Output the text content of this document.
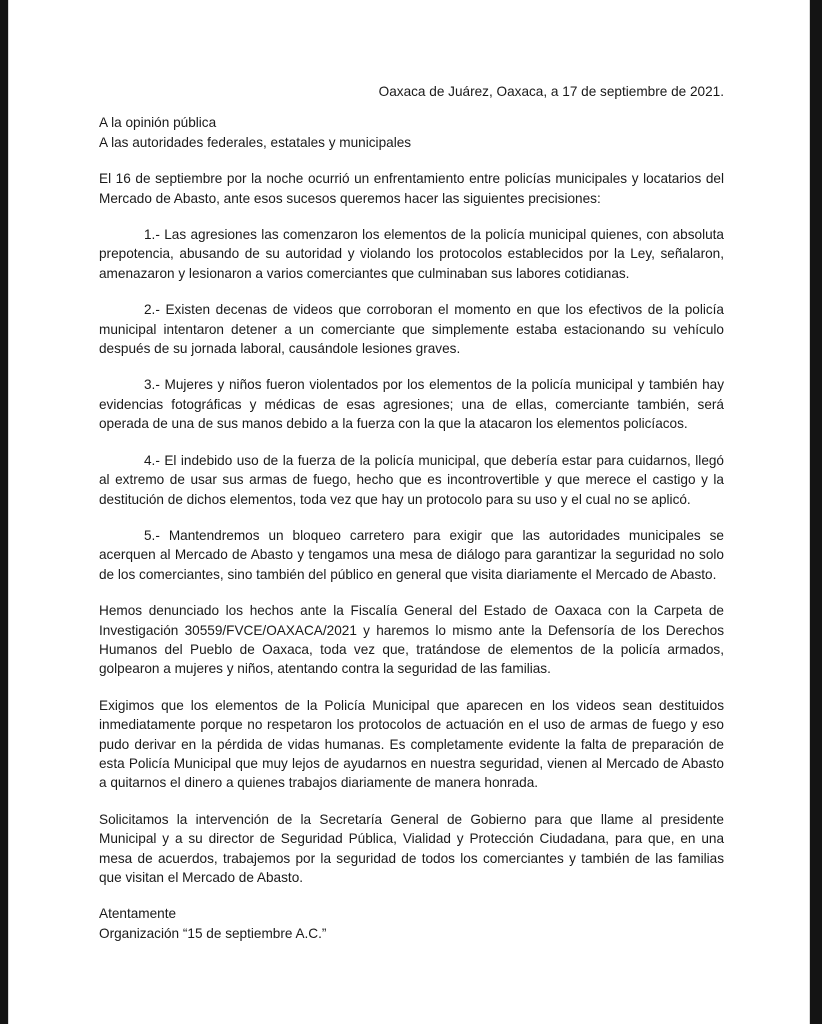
Oaxaca de Juárez, Oaxaca, a 17 de septiembre de 2021.

A la opinión pública

A las autoridades federales, estatales y municipales

El 16 de septiembre por la noche ocurrió un enfrentamiento entre policías municipales y locatarios del Mercado de Abasto, ante esos sucesos queremos hacer las siguientes precisiones:

1.- Las agresiones las comenzaron los elementos de la policía municipal quienes, con absoluta prepotencia, abusando de su autoridad y violando los protocolos establecidos por la Ley, señalaron, amenazaron y lesionaron a varios comerciantes que culminaban sus labores cotidianas.

2.- Existen decenas de videos que corroboran el momento en que los efectivos de la policía municipal intentaron detener a un comerciante que simplemente estaba estacionando su vehículo después de su jornada laboral, causándole lesiones graves.

3.- Mujeres y niños fueron violentados por los elementos de la policía municipal y también hay evidencias fotográficas y médicas de esas agresiones; una de ellas, comerciante también, será operada de una de sus manos debido a la fuerza con la que la atacaron los elementos policíacos.

4.- El indebido uso de la fuerza de la policía municipal, que debería estar para cuidarnos, llegó al extremo de usar sus armas de fuego, hecho que es incontrovertible y que merece el castigo y la destitución de dichos elementos, toda vez que hay un protocolo para su uso y el cual no se aplicó.

5.- Mantendremos un bloqueo carretero para exigir que las autoridades municipales se acerquen al Mercado de Abasto y tengamos una mesa de diálogo para garantizar la seguridad no solo de los comerciantes, sino también del público en general que visita diariamente el Mercado de Abasto.

Hemos denunciado los hechos ante la Fiscalía General del Estado de Oaxaca con la Carpeta de Investigación 30559/FVCE/OAXACA/2021 y haremos lo mismo ante la Defensoría de los Derechos Humanos del Pueblo de Oaxaca, toda vez que, tratándose de elementos de la policía armados, golpearon a mujeres y niños, atentando contra la seguridad de las familias.

Exigimos que los elementos de la Policía Municipal que aparecen en los videos sean destituidos inmediatamente porque no respetaron los protocolos de actuación en el uso de armas de fuego y eso pudo derivar en la pérdida de vidas humanas. Es completamente evidente la falta de preparación de esta Policía Municipal que muy lejos de ayudarnos en nuestra seguridad, vienen al Mercado de Abasto a quitarnos el dinero a quienes trabajos diariamente de manera honrada.

Solicitamos la intervención de la Secretaría General de Gobierno para que llame al presidente Municipal y a su director de Seguridad Pública, Vialidad y Protección Ciudadana, para que, en una mesa de acuerdos, trabajemos por la seguridad de todos los comerciantes y también de las familias que visitan el Mercado de Abasto.

Atentamente

Organización “15 de septiembre A.C.”
